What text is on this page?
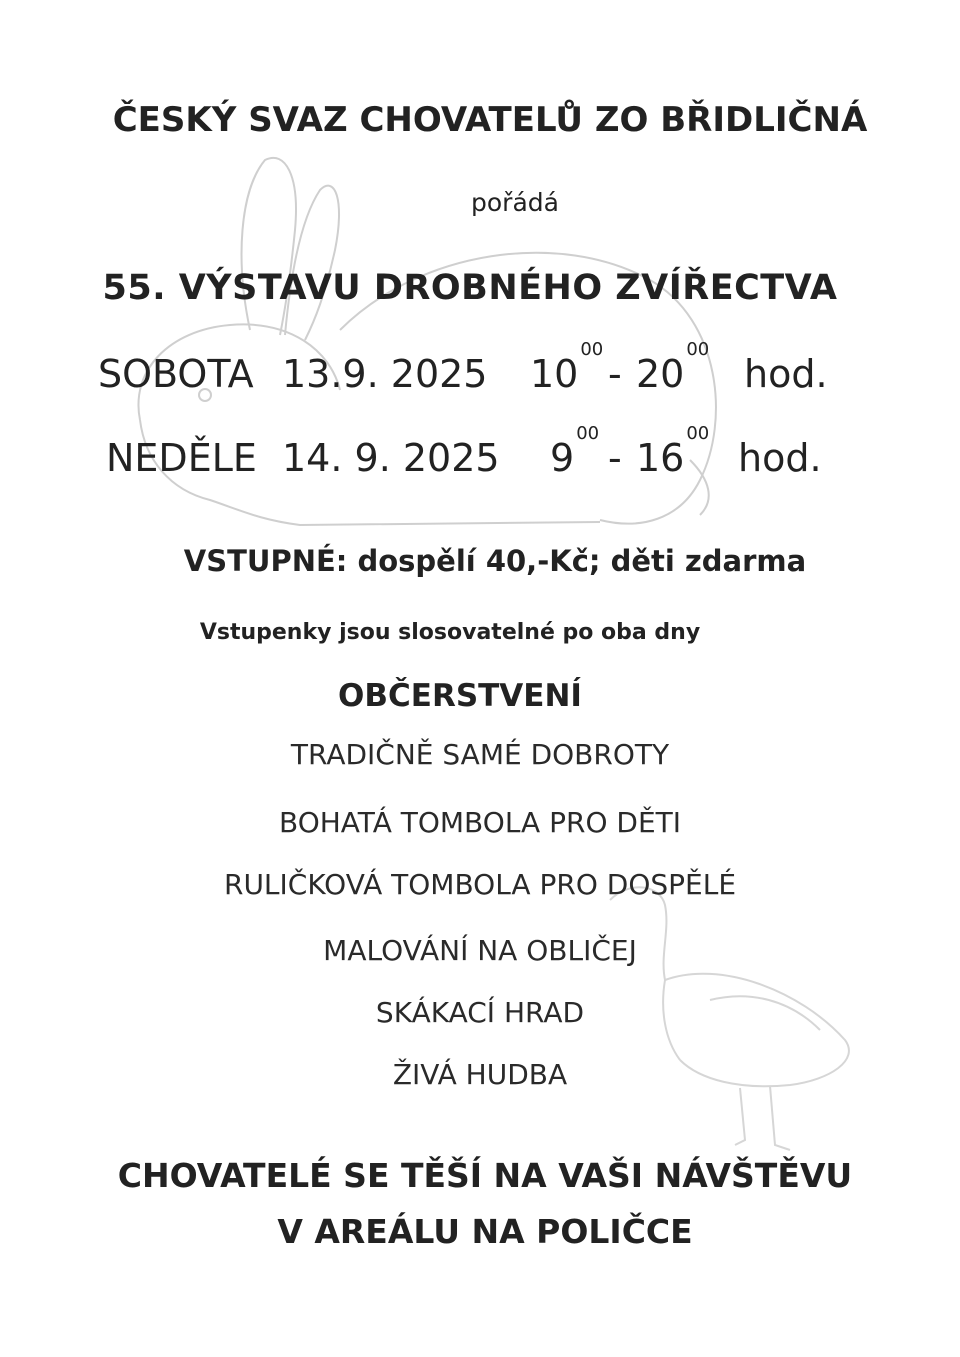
ČESKÝ SVAZ CHOVATELŮ ZO BŘIDLIČNÁ
pořádá
55. VÝSTAVU DROBNÉHO ZVÍŘECTVA
SOBOTA 13.9. 2025 $10^{00}$
- $20^{00}$
hod.
NEDĚLE 14. 9. 2025 $9^{00}$
- $16^{00}$
hod.
VSTUPNÉ: dospělí 40,-Kč; děti zdarma
Vstupenky jsou slosovatelné po oba dny
OBČERSTVENÍ
TRADIČNĚ SAMÉ DOBROTY
BOHATÁ TOMBOLA PRO DĚTI
RULIČKOVÁ TOMBOLA PRO DOSPĚLÉ
MALOVÁNÍ NA OBLIČEJ
SKÁKACÍ HRAD
ŽIVÁ HUDBA
CHOVATELÉ SE TĚŠÍ NA VAŠI NÁVŠTĚVU
V AREÁLU NA POLIČCE
